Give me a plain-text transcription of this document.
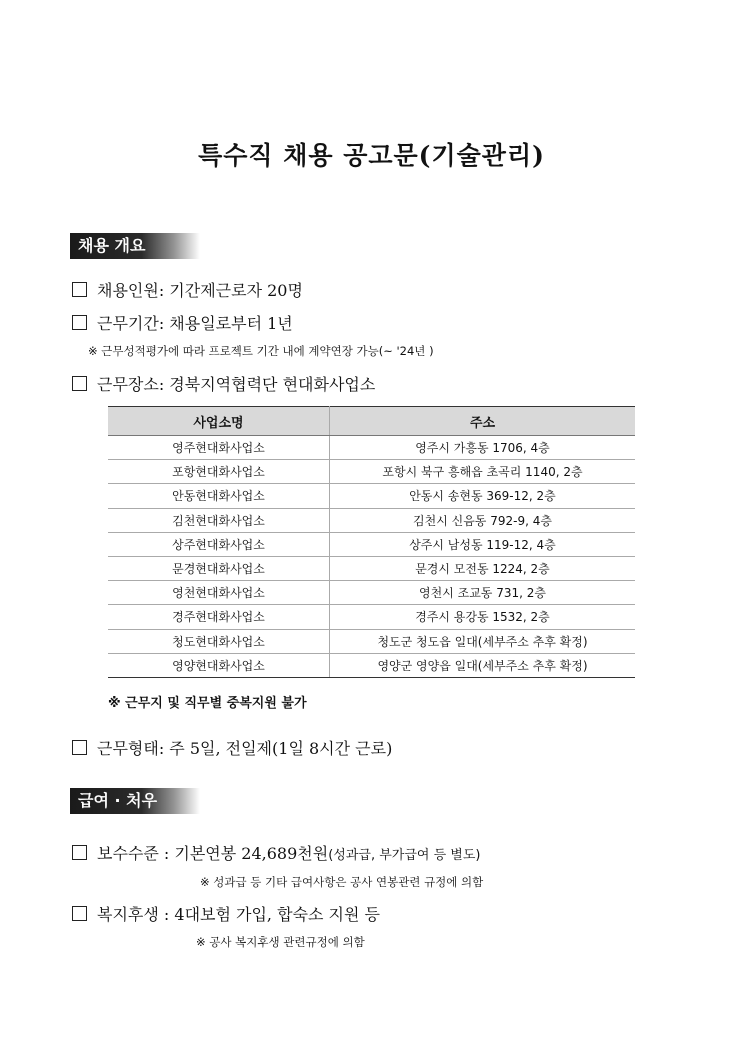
특수직 채용 공고문(기술관리)
채용 개요
채용인원: 기간제근로자 20명
근무기간: 채용일로부터 1년
※ 근무성적평가에 따라 프로젝트 기간 내에 계약연장 가능(~ '24년 )
근무장소: 경북지역협력단 현대화사업소
사업소명	주소
영주현대화사업소	영주시 가흥동 1706, 4층
포항현대화사업소	포항시 북구 흥해읍 초곡리 1140, 2층
안동현대화사업소	안동시 송현동 369-12, 2층
김천현대화사업소	김천시 신음동 792-9, 4층
상주현대화사업소	상주시 남성동 119-12, 4층
문경현대화사업소	문경시 모전동 1224, 2층
영천현대화사업소	영천시 조교동 731, 2층
경주현대화사업소	경주시 용강동 1532, 2층
청도현대화사업소	청도군 청도읍 일대(세부주소 추후 확정)
영양현대화사업소	영양군 영양읍 일대(세부주소 추후 확정)
※ 근무지 및 직무별 중복지원 불가
근무형태: 주 5일, 전일제(1일 8시간 근로)
급여 · 처우
보수수준 : 기본연봉 24,689천원(성과급, 부가급여 등 별도)
※ 성과급 등 기타 급여사항은 공사 연봉관련 규정에 의함
복지후생 : 4대보험 가입, 합숙소 지원 등
※ 공사 복지후생 관련규정에 의함
